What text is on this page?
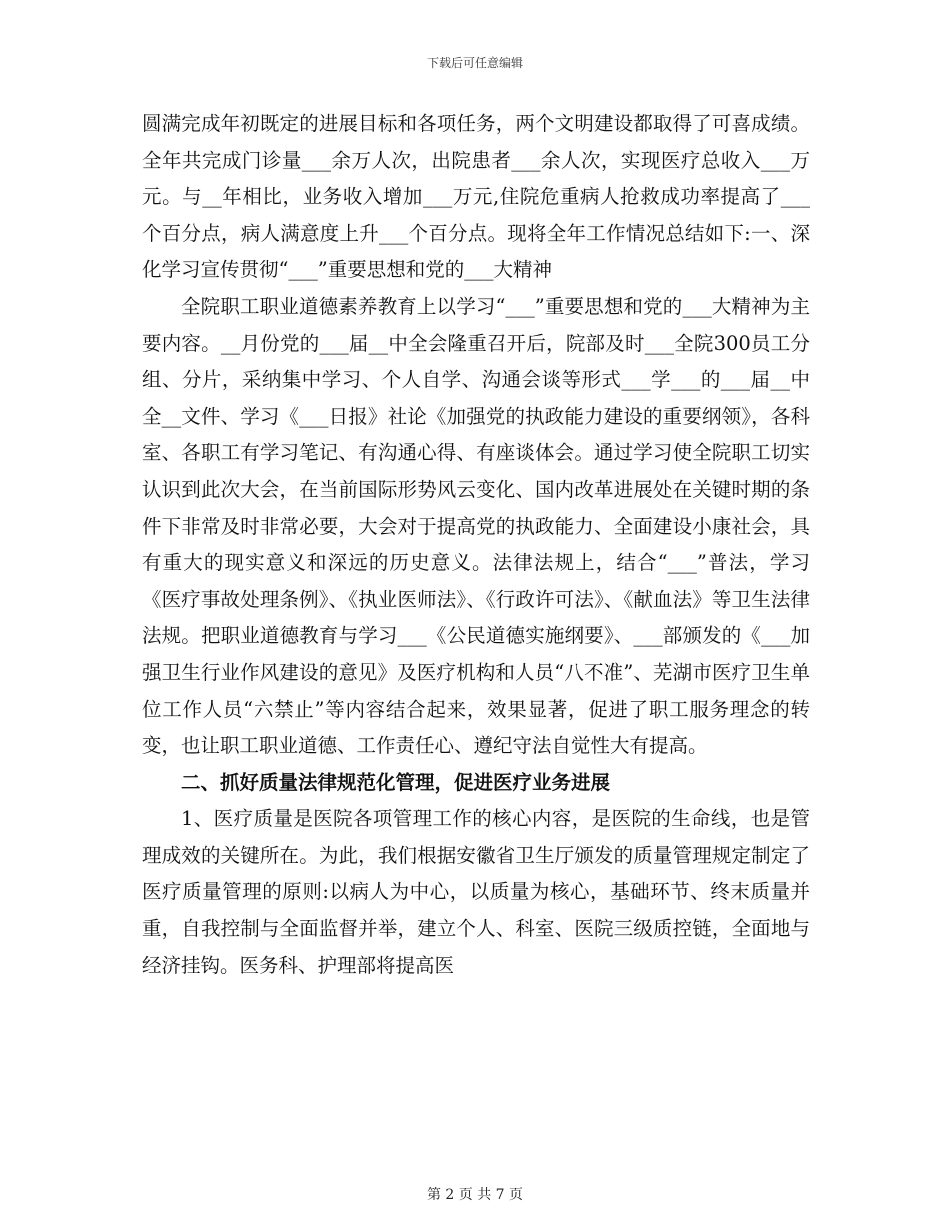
下载后可任意编辑

圆满完成年初既定的进展目标和各项任务，两个文明建设都取得了可喜成绩。全年共完成门诊量___余万人次，出院患者___余人次，实现医疗总收入___万元。与__年相比，业务收入增加___万元,住院危重病人抢救成功率提高了___个百分点，病人满意度上升___个百分点。现将全年工作情况总结如下:一、深化学习宣传贯彻“___”重要思想和党的___大精神

全院职工职业道德素养教育上以学习“___”重要思想和党的___大精神为主要内容。__月份党的___届__中全会隆重召开后，院部及时___全院300员工分组、分片，采纳集中学习、个人自学、沟通会谈等形式___学___的___届__中全__文件、学习《___日报》社论《加强党的执政能力建设的重要纲领》，各科室、各职工有学习笔记、有沟通心得、有座谈体会。通过学习使全院职工切实认识到此次大会，在当前国际形势风云变化、国内改革进展处在关键时期的条件下非常及时非常必要，大会对于提高党的执政能力、全面建设小康社会，具有重大的现实意义和深远的历史意义。法律法规上，结合“___”普法，学习《医疗事故处理条例》、《执业医师法》、《行政许可法》、《献血法》等卫生法律法规。把职业道德教育与学习___《公民道德实施纲要》、___部颁发的《___加强卫生行业作风建设的意见》及医疗机构和人员“八不准”、芜湖市医疗卫生单位工作人员“六禁止”等内容结合起来，效果显著，促进了职工服务理念的转变，也让职工职业道德、工作责任心、遵纪守法自觉性大有提高。

二、抓好质量法律规范化管理，促进医疗业务进展

1、医疗质量是医院各项管理工作的核心内容，是医院的生命线，也是管理成效的关键所在。为此，我们根据安徽省卫生厅颁发的质量管理规定制定了医疗质量管理的原则:以病人为中心，以质量为核心，基础环节、终末质量并重，自我控制与全面监督并举，建立个人、科室、医院三级质控链，全面地与经济挂钩。医务科、护理部将提高医

第 2 页 共 7 页
